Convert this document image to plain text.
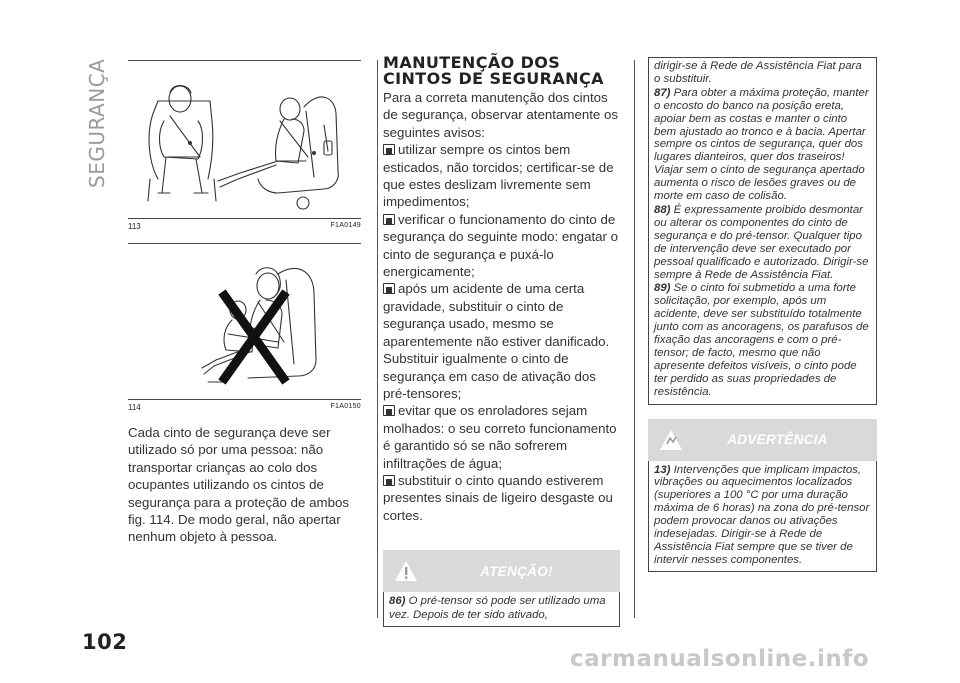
SEGURANÇA
113	F1A0149
114	F1A0150
Cada cinto de segurança deve ser utilizado só por uma pessoa: não transportar crianças ao colo dos ocupantes utilizando os cintos de segurança para a proteção de ambos fig. 114. De modo geral, não apertar nenhum objeto à pessoa.
MANUTENÇÃO DOS
CINTOS DE SEGURANÇA
Para a correta manutenção dos cintos de segurança, observar atentamente os seguintes avisos:
utilizar sempre os cintos bem esticados, não torcidos; certificar-se de que estes deslizam livremente sem impedimentos;
verificar o funcionamento do cinto de segurança do seguinte modo: engatar o cinto de segurança e puxá-lo energicamente;
após um acidente de uma certa gravidade, substituir o cinto de segurança usado, mesmo se aparentemente não estiver danificado. Substituir igualmente o cinto de segurança em caso de ativação dos pré-tensores;
evitar que os enroladores sejam molhados: o seu correto funcionamento é garantido só se não sofrerem infiltrações de água;
substituir o cinto quando estiverem presentes sinais de ligeiro desgaste ou cortes.
ATENÇÃO!
86) O pré-tensor só pode ser utilizado uma vez. Depois de ter sido ativado,

dirigir-se à Rede de Assistência Fiat para o substituir.

87) Para obter a máxima proteção, manter o encosto do banco na posição ereta, apoiar bem as costas e manter o cinto bem ajustado ao tronco e à bacia. Apertar sempre os cintos de segurança, quer dos lugares dianteiros, quer dos traseiros! Viajar sem o cinto de segurança apertado aumenta o risco de lesões graves ou de morte em caso de colisão.

88) É expressamente proibido desmontar ou alterar os componentes do cinto de segurança e do pré-tensor. Qualquer tipo de intervenção deve ser executado por pessoal qualificado e autorizado. Dirigir-se sempre à Rede de Assistência Fiat.

89) Se o cinto foi submetido a uma forte solicitação, por exemplo, após um acidente, deve ser substituído totalmente junto com as ancoragens, os parafusos de fixação das ancoragens e com o pré-tensor; de facto, mesmo que não apresente defeitos visíveis, o cinto pode ter perdido as suas propriedades de resistência.

ADVERTÊNCIA
13) Intervenções que implicam impactos, vibrações ou aquecimentos localizados (superiores a 100 °C por uma duração máxima de 6 horas) na zona do pré-tensor podem provocar danos ou ativações indesejadas. Dirigir-se à Rede de Assistência Fiat sempre que se tiver de intervir nesses componentes.
102
carmanualsonline.info
